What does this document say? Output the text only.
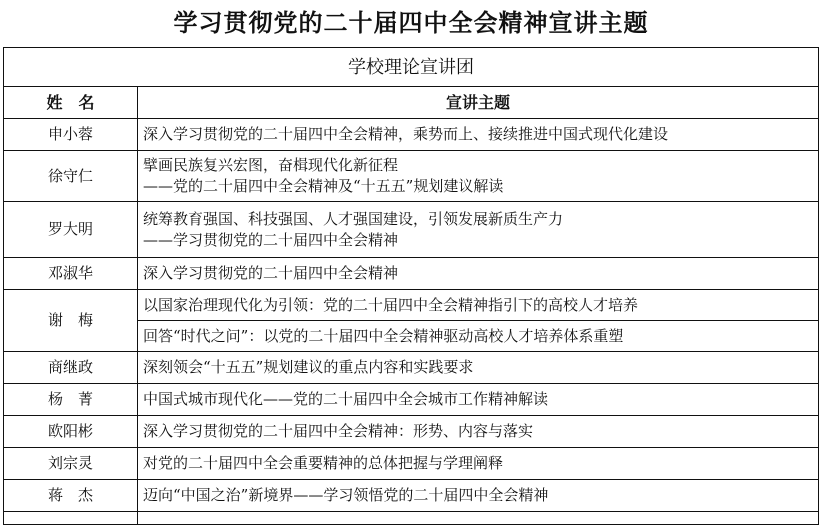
学习贯彻党的二十届四中全会精神宣讲主题
学校理论宣讲团	
姓　名	宣讲主题
申小蓉	深入学习贯彻党的二十届四中全会精神，乘势而上、接续推进中国式现代化建设
徐守仁	擘画民族复兴宏图，奋楫现代化新征程
——党的二十届四中全会精神及“十五五”规划建议解读

罗大明	统筹教育强国、科技强国、人才强国建设，引领发展新质生产力
——学习贯彻党的二十届四中全会精神

邓淑华	深入学习贯彻党的二十届四中全会精神
谢　梅	以国家治理现代化为引领：党的二十届四中全会精神指引下的高校人才培养
	回答“时代之问”：以党的二十届四中全会精神驱动高校人才培养体系重塑
商继政	深刻领会“十五五”规划建议的重点内容和实践要求
杨　菁	中国式城市现代化——党的二十届四中全会城市工作精神解读
欧阳彬	深入学习贯彻党的二十届四中全会精神：形势、内容与落实
刘宗灵	对党的二十届四中全会重要精神的总体把握与学理阐释
蒋　杰	迈向“中国之治”新境界——学习领悟党的二十届四中全会精神
